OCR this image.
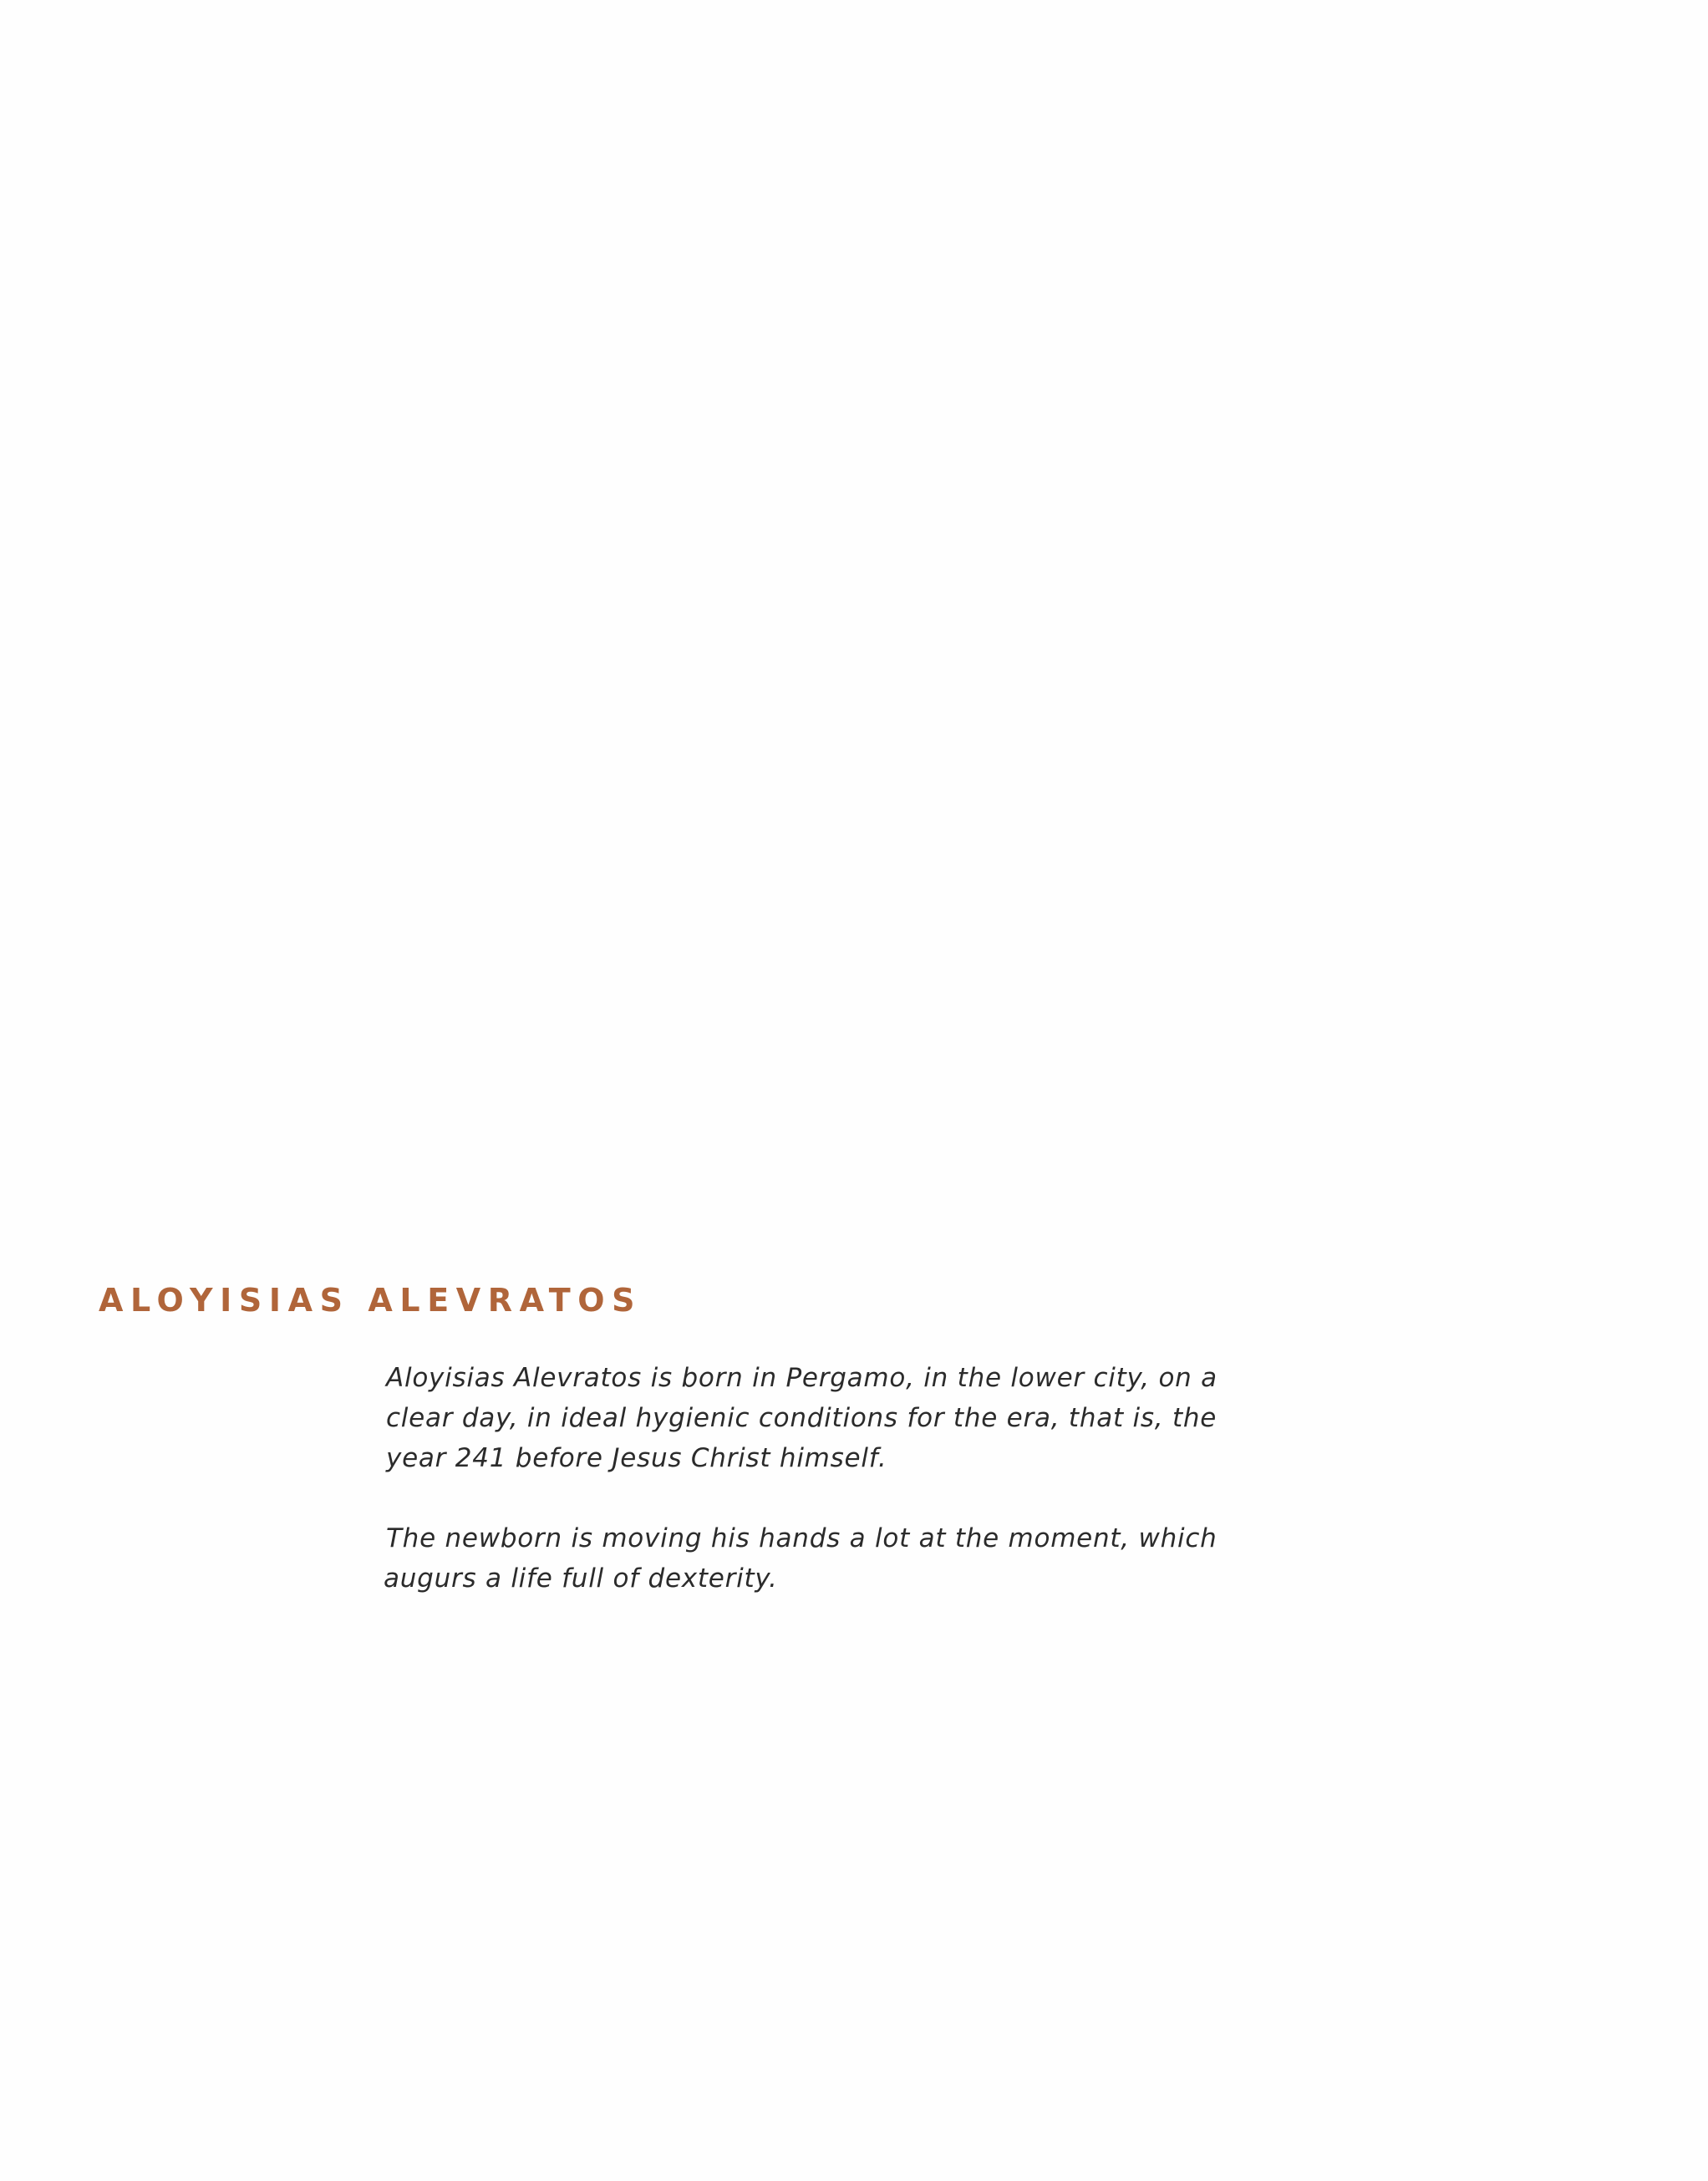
ALOYISIAS ALEVRATOS

Aloyisias Alevratos is born in Pergamo, in the lower city, on a
clear day, in ideal hygienic conditions for the era, that is, the
year 241 before Jesus Christ himself.

The newborn is moving his hands a lot at the moment, which
augurs a life full of dexterity.
